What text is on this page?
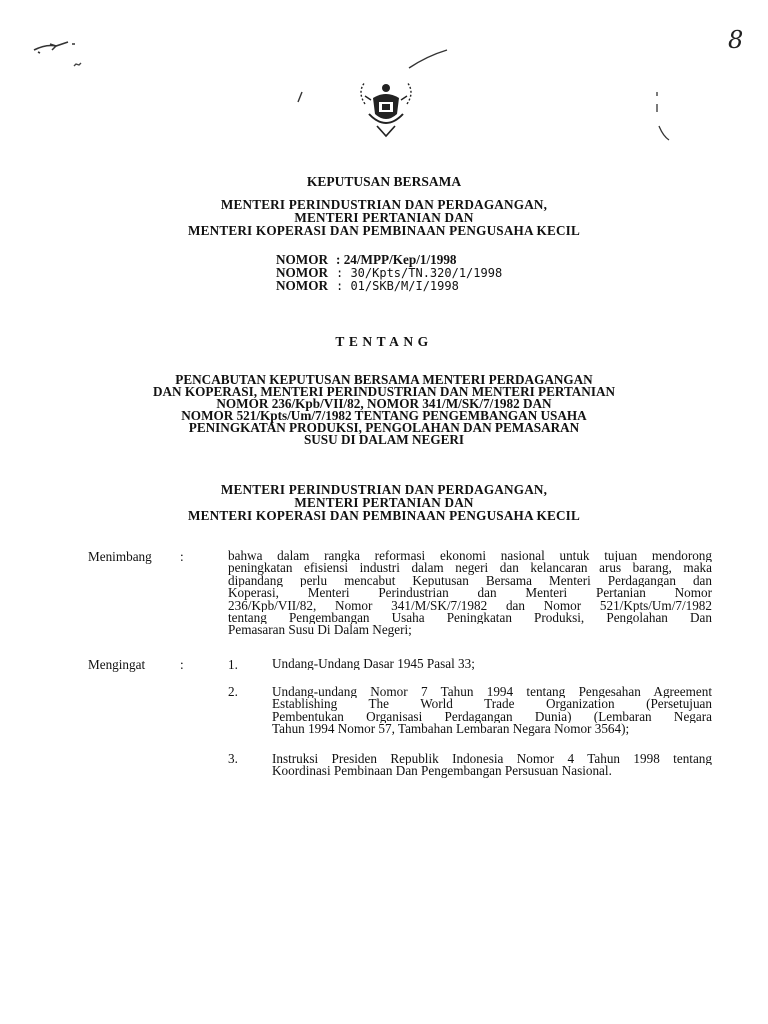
8
KEPUTUSAN BERSAMA
MENTERI PERINDUSTRIAN DAN PERDAGANGAN,
MENTERI PERTANIAN DAN
MENTERI KOPERASI DAN PEMBINAAN PENGUSAHA KECIL
NOMOR : 24/MPP/Kep/1/1998
NOMOR : 30/Kpts/TN.320/1/1998
NOMOR : 01/SKB/M/I/1998
TENTANG
PENCABUTAN KEPUTUSAN BERSAMA MENTERI PERDAGANGAN
DAN KOPERASI, MENTERI PERINDUSTRIAN DAN MENTERI PERTANIAN
NOMOR 236/Kpb/VII/82, NOMOR 341/M/SK/7/1982 DAN
NOMOR 521/Kpts/Um/7/1982 TENTANG PENGEMBANGAN USAHA
PENINGKATAN PRODUKSI, PENGOLAHAN DAN PEMASARAN
SUSU DI DALAM NEGERI
MENTERI PERINDUSTRIAN DAN PERDAGANGAN,
MENTERI PERTANIAN DAN
MENTERI KOPERASI DAN PEMBINAAN PENGUSAHA KECIL
Menimbang :	bahwa dalam rangka reformasi ekonomi nasional untuk tujuan mendorong
peningkatan efisiensi industri dalam negeri dan kelancaran arus barang, maka
dipandang perlu mencabut Keputusan Bersama Menteri Perdagangan dan
Koperasi, Menteri Perindustrian dan Menteri Pertanian Nomor
236/Kpb/VII/82, Nomor 341/M/SK/7/1982 dan Nomor 521/Kpts/Um/7/1982
tentang Pengembangan Usaha Peningkatan Produksi, Pengolahan Dan
Pemasaran Susu Di Dalam Negeri;
Mengingat	:	1.	Undang-Undang Dasar 1945 Pasal 33;
2.	Undang-undang Nomor 7 Tahun 1994 tentang Pengesahan Agreement
Establishing The World Trade Organization (Persetujuan
Pembentukan Organisasi Perdagangan Dunia) (Lembaran Negara
Tahun 1994 Nomor 57, Tambahan Lembaran Negara Nomor 3564);
3.	Instruksi Presiden Republik Indonesia Nomor 4 Tahun 1998 tentang
Koordinasi Pembinaan Dan Pengembangan Persusuan Nasional.
